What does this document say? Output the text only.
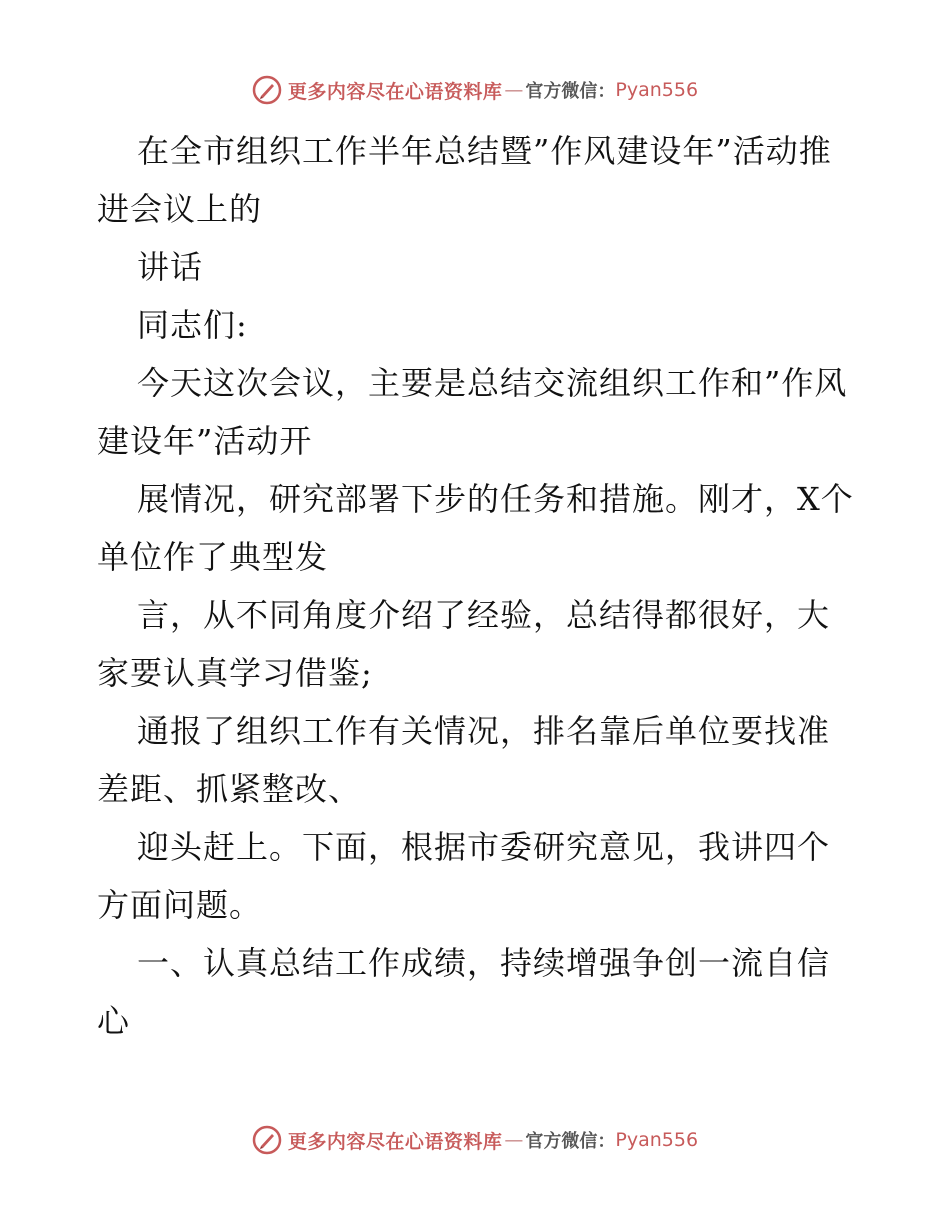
更多内容尽在心语资料库 — 官方微信： Pyan556

在全市组织工作半年总结暨”作风建设年”活动推进会议上的

讲话

同志们:

今天这次会议，主要是总结交流组织工作和”作风建设年”活动开

展情况，研究部署下步的任务和措施。刚才，X个单位作了典型发

言，从不同角度介绍了经验，总结得都很好，大家要认真学习借鉴;

通报了组织工作有关情况，排名靠后单位要找准差距、抓紧整改、

迎头赶上。下面，根据市委研究意见，我讲四个方面问题。

一、认真总结工作成绩，持续增强争创一流自信心

更多内容尽在心语资料库 — 官方微信： Pyan556
